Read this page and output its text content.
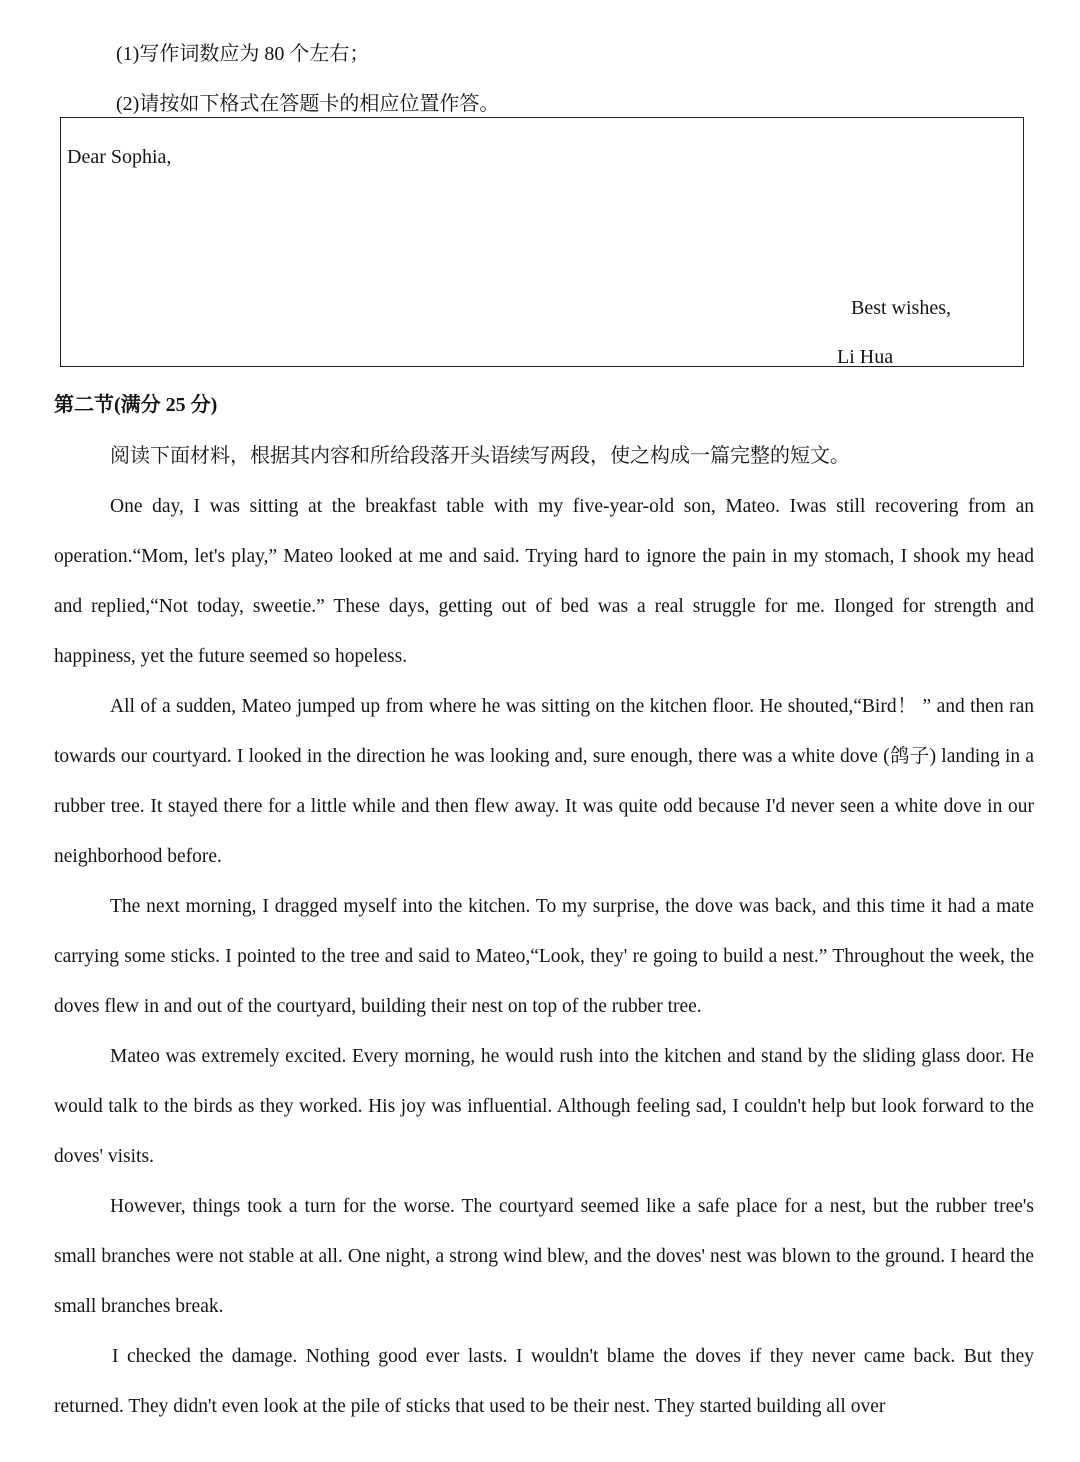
(1)写作词数应为 80 个左右；
(2)请按如下格式在答题卡的相应位置作答。
Dear Sophia,
Best wishes,
Li Hua
第二节(满分 25 分)
阅读下面材料，根据其内容和所给段落开头语续写两段，使之构成一篇完整的短文。

One day, I was sitting at the breakfast table with my five-year-old son, Mateo. Iwas still recovering from an operation.“Mom, let's play,” Mateo looked at me and said. Trying hard to ignore the pain in my stomach, I shook my head and replied,“Not today, sweetie.” These days, getting out of bed was a real struggle for me. Ilonged for strength and happiness, yet the future seemed so hopeless.

All of a sudden, Mateo jumped up from where he was sitting on the kitchen floor. He shouted,“Bird！ ” and then ran towards our courtyard. I looked in the direction he was looking and, sure enough, there was a white dove (鸽子) landing in a rubber tree. It stayed there for a little while and then flew away. It was quite odd because I'd never seen a white dove in our neighborhood before.

The next morning, I dragged myself into the kitchen. To my surprise, the dove was back, and this time it had a mate carrying some sticks. I pointed to the tree and said to Mateo,“Look, they' re going to build a nest.” Throughout the week, the doves flew in and out of the courtyard, building their nest on top of the rubber tree.

Mateo was extremely excited. Every morning, he would rush into the kitchen and stand by the sliding glass door. He would talk to the birds as they worked. His joy was influential. Although feeling sad, I couldn't help but look forward to the doves' visits.

However, things took a turn for the worse. The courtyard seemed like a safe place for a nest, but the rubber tree's small branches were not stable at all. One night, a strong wind blew, and the doves' nest was blown to the ground. I heard the small branches break.

I checked the damage. Nothing good ever lasts. I wouldn't blame the doves if they never came back. But they returned. They didn't even look at the pile of sticks that used to be their nest. They started building all over
